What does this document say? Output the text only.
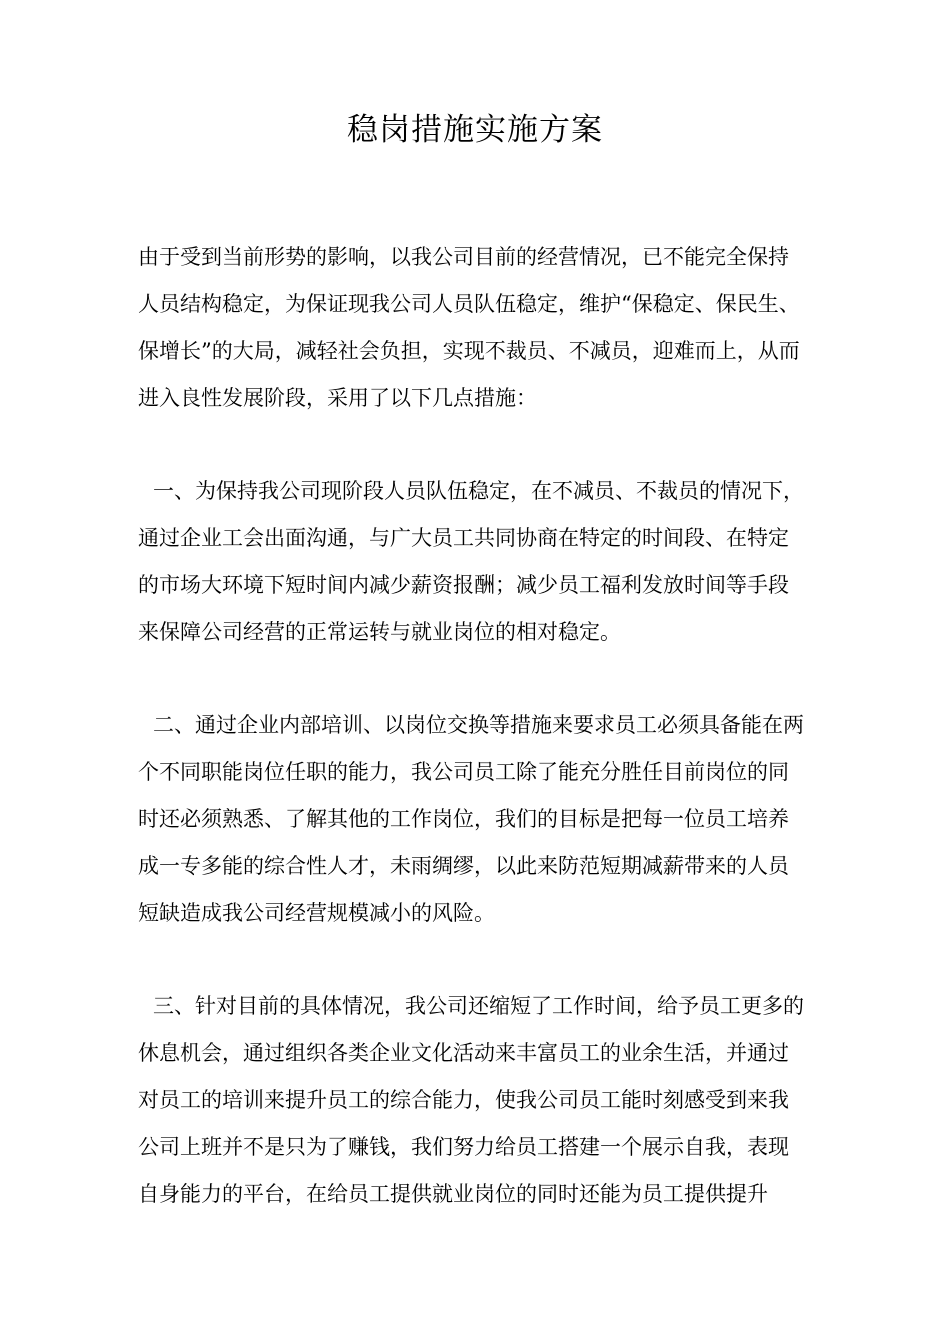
稳岗措施实施方案

由于受到当前形势的影响，以我公司目前的经营情况，已不能完全保持
人员结构稳定，为保证现我公司人员队伍稳定，维护“保稳定、保民生、
保增长”的大局，减轻社会负担，实现不裁员、不减员，迎难而上，从而
进入良性发展阶段，采用了以下几点措施：

一、为保持我公司现阶段人员队伍稳定，在不减员、不裁员的情况下，
通过企业工会出面沟通，与广大员工共同协商在特定的时间段、在特定
的市场大环境下短时间内减少薪资报酬；减少员工福利发放时间等手段
来保障公司经营的正常运转与就业岗位的相对稳定。

二、通过企业内部培训、以岗位交换等措施来要求员工必须具备能在两
个不同职能岗位任职的能力，我公司员工除了能充分胜任目前岗位的同
时还必须熟悉、了解其他的工作岗位，我们的目标是把每一位员工培养
成一专多能的综合性人才，未雨绸缪，以此来防范短期减薪带来的人员
短缺造成我公司经营规模减小的风险。

三、针对目前的具体情况，我公司还缩短了工作时间，给予员工更多的
休息机会，通过组织各类企业文化活动来丰富员工的业余生活，并通过
对员工的培训来提升员工的综合能力，使我公司员工能时刻感受到来我
公司上班并不是只为了赚钱，我们努力给员工搭建一个展示自我，表现
自身能力的平台，在给员工提供就业岗位的同时还能为员工提供提升
